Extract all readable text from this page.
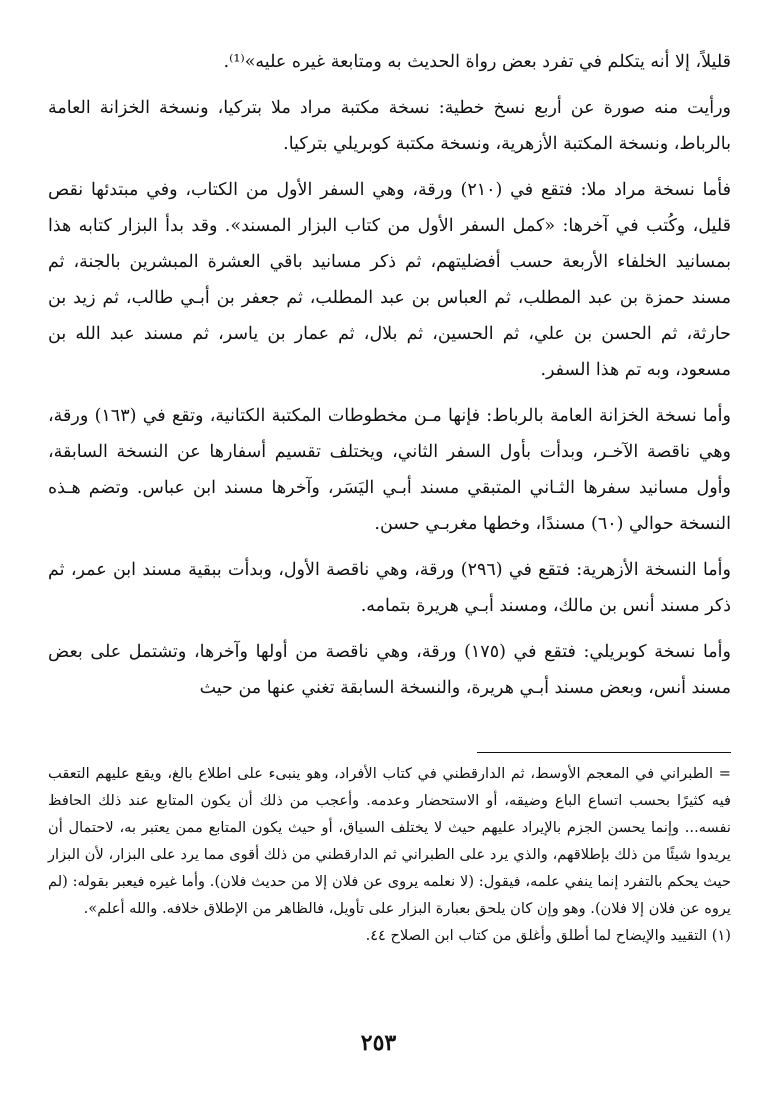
قليلاً، إلا أنه يتكلم في تفرد بعض رواة الحديث به ومتابعة غيره عليه»⁽¹⁾.

ورأيت منه صورة عن أربع نسخ خطية: نسخة مكتبة مراد ملا بتركيا، ونسخة الخزانة العامة بالرباط، ونسخة المكتبة الأزهرية، ونسخة مكتبة كوبريلي بتركيا.

فأما نسخة مراد ملا: فتقع في (٢١٠) ورقة، وهي السفر الأول من الكتاب، وفي مبتدئها نقص قليل، وكُتب في آخرها: «كمل السفر الأول من كتاب البزار المسند». وقد بدأ البزار كتابه هذا بمسانيد الخلفاء الأربعة حسب أفضليتهم، ثم ذكر مسانيد باقي العشرة المبشرين بالجنة، ثم مسند حمزة بن عبد المطلب، ثم العباس بن عبد المطلب، ثم جعفر بن أبـي طالب، ثم زيد بن حارثة، ثم الحسن بن علي، ثم الحسين، ثم بلال، ثم عمار بن ياسر، ثم مسند عبد الله بن مسعود، وبه تم هذا السفر.

وأما نسخة الخزانة العامة بالرباط: فإنها مـن مخطوطات المكتبة الكتانية، وتقع في (١٦٣) ورقة، وهي ناقصة الآخـر، وبدأت بأول السفر الثاني، ويختلف تقسيم أسفارها عن النسخة السابقة، وأول مسانيد سفرها الثـاني المتبقي مسند أبـي اليَسَر، وآخرها مسند ابن عباس. وتضم هـذه النسخة حوالي (٦٠) مسندًا، وخطها مغربـي حسن.

وأما النسخة الأزهرية: فتقع في (٢٩٦) ورقة، وهي ناقصة الأول، وبدأت ببقية مسند ابن عمر، ثم ذكر مسند أنس بن مالك، ومسند أبـي هريرة بتمامه.

وأما نسخة كوبريلي: فتقع في (١٧٥) ورقة، وهي ناقصة من أولها وآخرها، وتشتمل على بعض مسند أنس، وبعض مسند أبـي هريرة، والنسخة السابقة تغني عنها من حيث

= الطبراني في المعجم الأوسط، ثم الدارقطني في كتاب الأفراد، وهو ينبىء على اطلاع بالغ، ويقع عليهم التعقب فيه كثيرًا بحسب اتساع الباع وضيقه، أو الاستحضار وعدمه. وأعجب من ذلك أن يكون المتابع عند ذلك الحافظ نفسه... وإنما يحسن الجزم بالإيراد عليهم حيث لا يختلف السياق، أو حيث يكون المتابع ممن يعتبر به، لاحتمال أن يريدوا شيئًا من ذلك بإطلاقهم، والذي يرد على الطبراني ثم الدارقطني من ذلك أقوى مما يرد على البزار، لأن البزار حيث يحكم بالتفرد إنما ينفي علمه، فيقول: (لا نعلمه يروى عن فلان إلا من حديث فلان). وأما غيره فيعبر بقوله: (لم يروه عن فلان إلا فلان). وهو وإن كان يلحق بعبارة البزار على تأويل، فالظاهر من الإطلاق خلافه. والله أعلم».

(١) التقييد والإيضاح لما أطلق وأغلق من كتاب ابن الصلاح ٤٤.

٢٥٣
